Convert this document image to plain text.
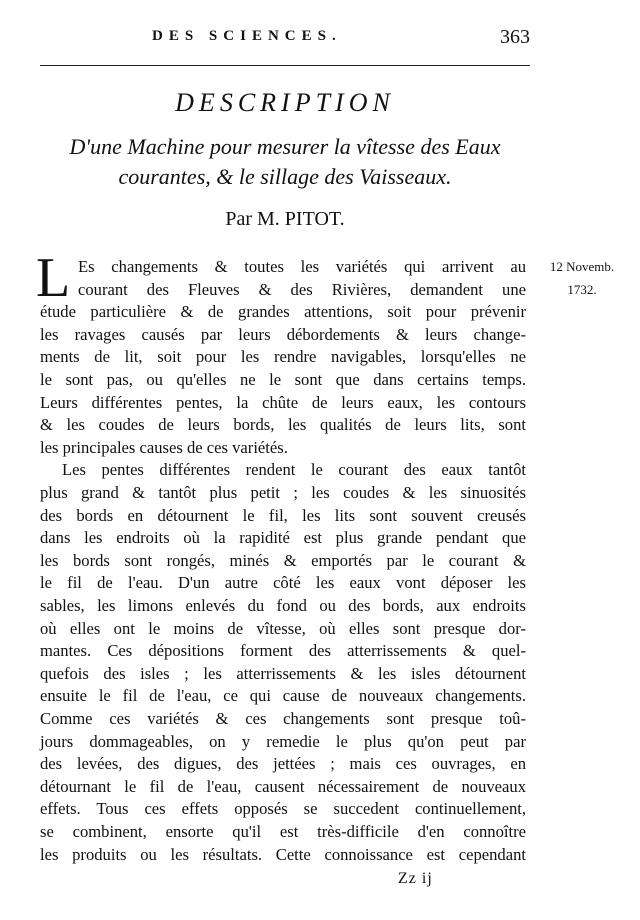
DES SCIENCES.	363
DESCRIPTION
D'une Machine pour mesurer la vîtesse des Eaux
courantes, & le sillage des Vaisseaux.
Par M. PITOT.
12 Novemb.
1732.
L Es changements & toutes les variétés qui arrivent au
courant des Fleuves & des Rivières, demandent une
étude particulière & de grandes attentions, soit pour prévenir
les ravages causés par leurs débordements & leurs change-
ments de lit, soit pour les rendre navigables, lorsqu'elles ne
le sont pas, ou qu'elles ne le sont que dans certains temps.
Leurs différentes pentes, la chûte de leurs eaux, les contours
& les coudes de leurs bords, les qualités de leurs lits, sont
les principales causes de ces variétés.
Les pentes différentes rendent le courant des eaux tantôt
plus grand & tantôt plus petit ; les coudes & les sinuosités
des bords en détournent le fil, les lits sont souvent creusés
dans les endroits où la rapidité est plus grande pendant que
les bords sont rongés, minés & emportés par le courant &
le fil de l'eau. D'un autre côté les eaux vont déposer les
sables, les limons enlevés du fond ou des bords, aux endroits
où elles ont le moins de vîtesse, où elles sont presque dor-
mantes. Ces dépositions forment des atterrissements & quel-
quefois des isles ; les atterrissements & les isles détournent
ensuite le fil de l'eau, ce qui cause de nouveaux changements.
Comme ces variétés & ces changements sont presque toû-
jours dommageables, on y remedie le plus qu'on peut par
des levées, des digues, des jettées ; mais ces ouvrages, en
détournant le fil de l'eau, causent nécessairement de nouveaux
effets. Tous ces effets opposés se succedent continuellement,
se combinent, ensorte qu'il est très-difficile d'en connoître
les produits ou les résultats. Cette connoissance est cependant
Zz ij
